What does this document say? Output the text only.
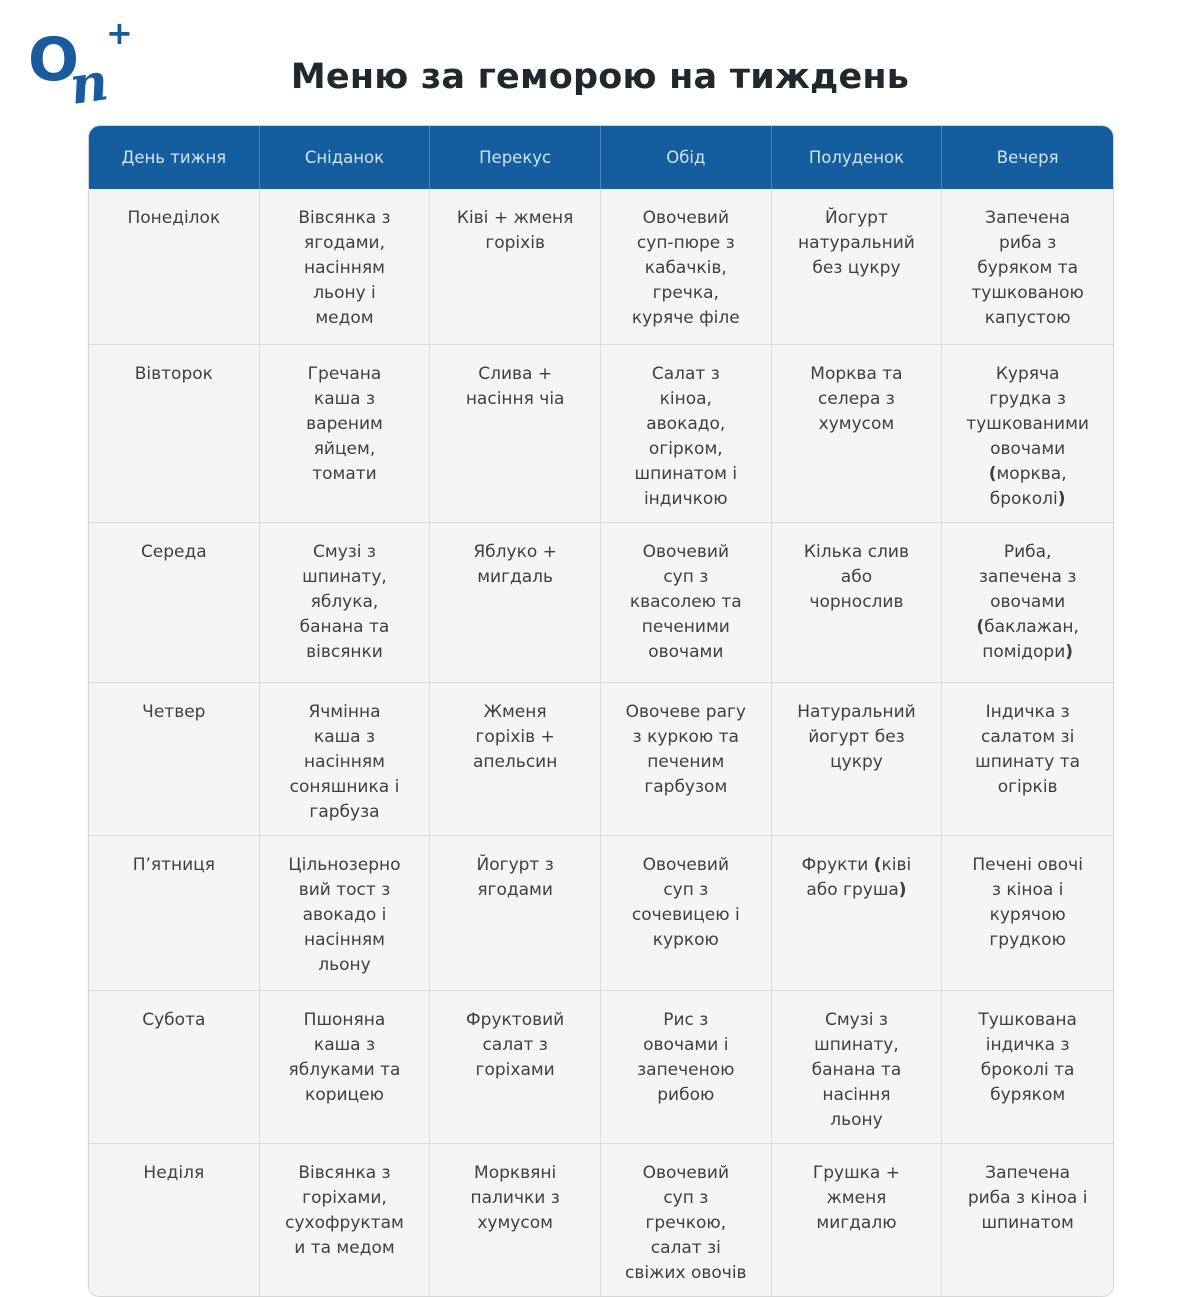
O
n
+
Меню за геморою на тиждень
День тижня	Сніданок	Перекус	Обід	Полуденок	Вечеря
Понеділок	Вівсянка з ягодами, насінням льону і медом	Ківі + жменя горіхів	Овочевий суп-пюре з кабачків, гречка, куряче філе	Йогурт натуральний без цукру	Запечена риба з буряком та тушкованою капустою
Вівторок	Гречана каша з вареним яйцем, томати	Слива + насіння чіа	Салат з кіноа, авокадо, огірком, шпинатом і індичкою	Морква та селера з хумусом	Куряча грудка з тушкованими овочами (морква, броколі)
Середа	Смузі з шпинату, яблука, банана та вівсянки	Яблуко + мигдаль	Овочевий суп з квасолею та печеними овочами	Кілька слив або чорнослив	Риба, запечена з овочами (баклажан, помідори)
Четвер	Ячмінна каша з насінням соняшника і гарбуза	Жменя горіхів + апельсин	Овочеве рагу з куркою та печеним гарбузом	Натуральний йогурт без цукру	Індичка з салатом зі шпинату та огірків
П’ятниця	Цільнозерновий тост з авокадо і насінням льону	Йогурт з ягодами	Овочевий суп з сочевицею і куркою	Фрукти (ківі або груша)	Печені овочі з кіноа і курячою грудкою
Субота	Пшоняна каша з яблуками та корицею	Фруктовий салат з горіхами	Рис з овочами і запеченою рибою	Смузі з шпинату, банана та насіння льону	Тушкована індичка з броколі та буряком
Неділя	Вівсянка з горіхами, сухофруктами та медом	Морквяні палички з хумусом	Овочевий суп з гречкою, салат зі свіжих овочів	Грушка + жменя мигдалю	Запечена риба з кіноа і шпинатом
